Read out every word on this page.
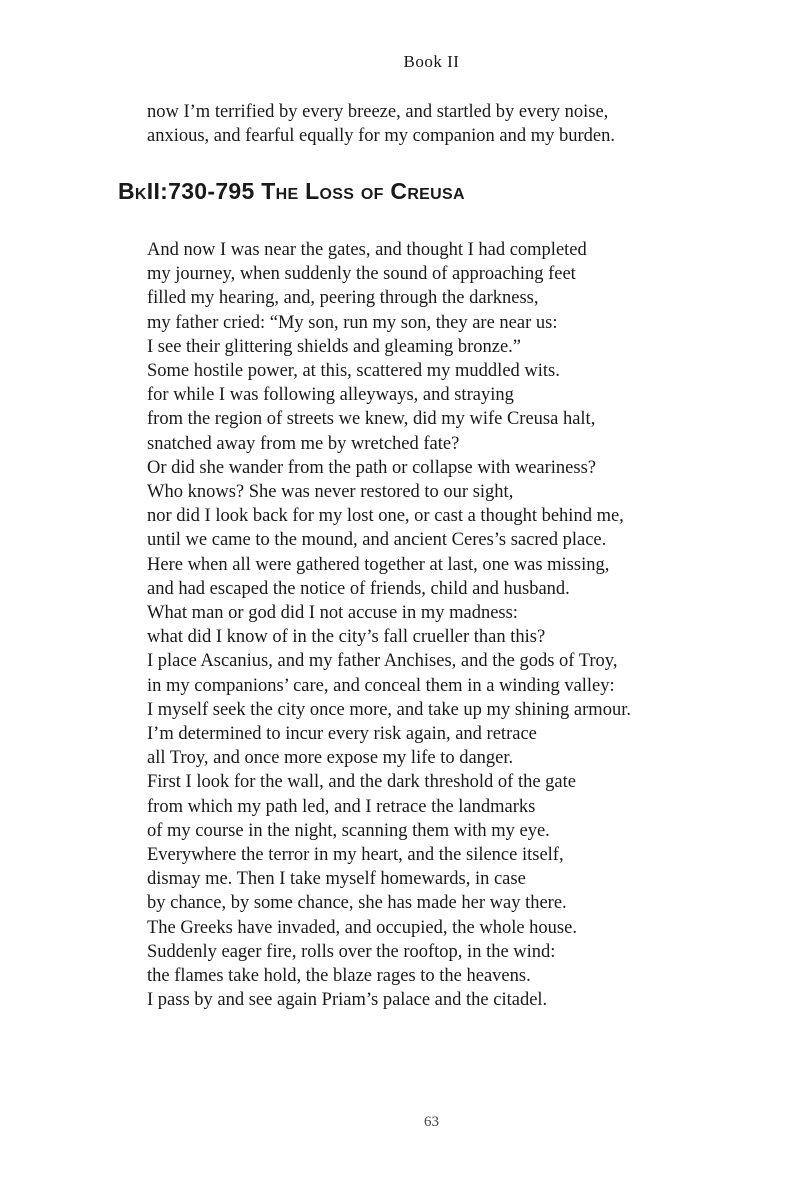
Book II
now I’m terrified by every breeze, and startled by every noise,
anxious, and fearful equally for my companion and my burden.
BkII:730-795 The Loss of Creusa
And now I was near the gates, and thought I had completed
my journey, when suddenly the sound of approaching feet
filled my hearing, and, peering through the darkness,
my father cried: “My son, run my son, they are near us:
I see their glittering shields and gleaming bronze.”
Some hostile power, at this, scattered my muddled wits.
for while I was following alleyways, and straying
from the region of streets we knew, did my wife Creusa halt,
snatched away from me by wretched fate?
Or did she wander from the path or collapse with weariness?
Who knows? She was never restored to our sight,
nor did I look back for my lost one, or cast a thought behind me,
until we came to the mound, and ancient Ceres’s sacred place.
Here when all were gathered together at last, one was missing,
and had escaped the notice of friends, child and husband.
What man or god did I not accuse in my madness:
what did I know of in the city’s fall crueller than this?
I place Ascanius, and my father Anchises, and the gods of Troy,
in my companions’ care, and conceal them in a winding valley:
I myself seek the city once more, and take up my shining armour.
I’m determined to incur every risk again, and retrace
all Troy, and once more expose my life to danger.
First I look for the wall, and the dark threshold of the gate
from which my path led, and I retrace the landmarks
of my course in the night, scanning them with my eye.
Everywhere the terror in my heart, and the silence itself,
dismay me. Then I take myself homewards, in case
by chance, by some chance, she has made her way there.
The Greeks have invaded, and occupied, the whole house.
Suddenly eager fire, rolls over the rooftop, in the wind:
the flames take hold, the blaze rages to the heavens.
I pass by and see again Priam’s palace and the citadel.
63
